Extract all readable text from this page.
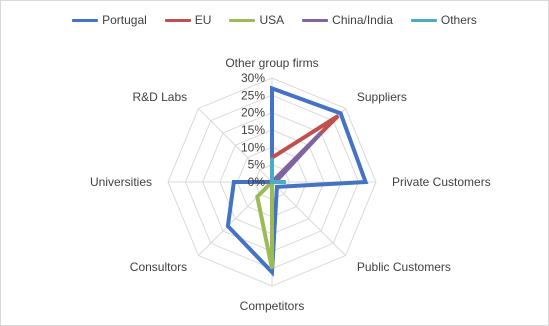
Portugal	EU	USA	China/India	Others
0%
5%
10%
15%
20%
25%
30%
Other group firms
Suppliers
Private Customers
Public Customers
Competitors
Consultors
Universities
R&D Labs
